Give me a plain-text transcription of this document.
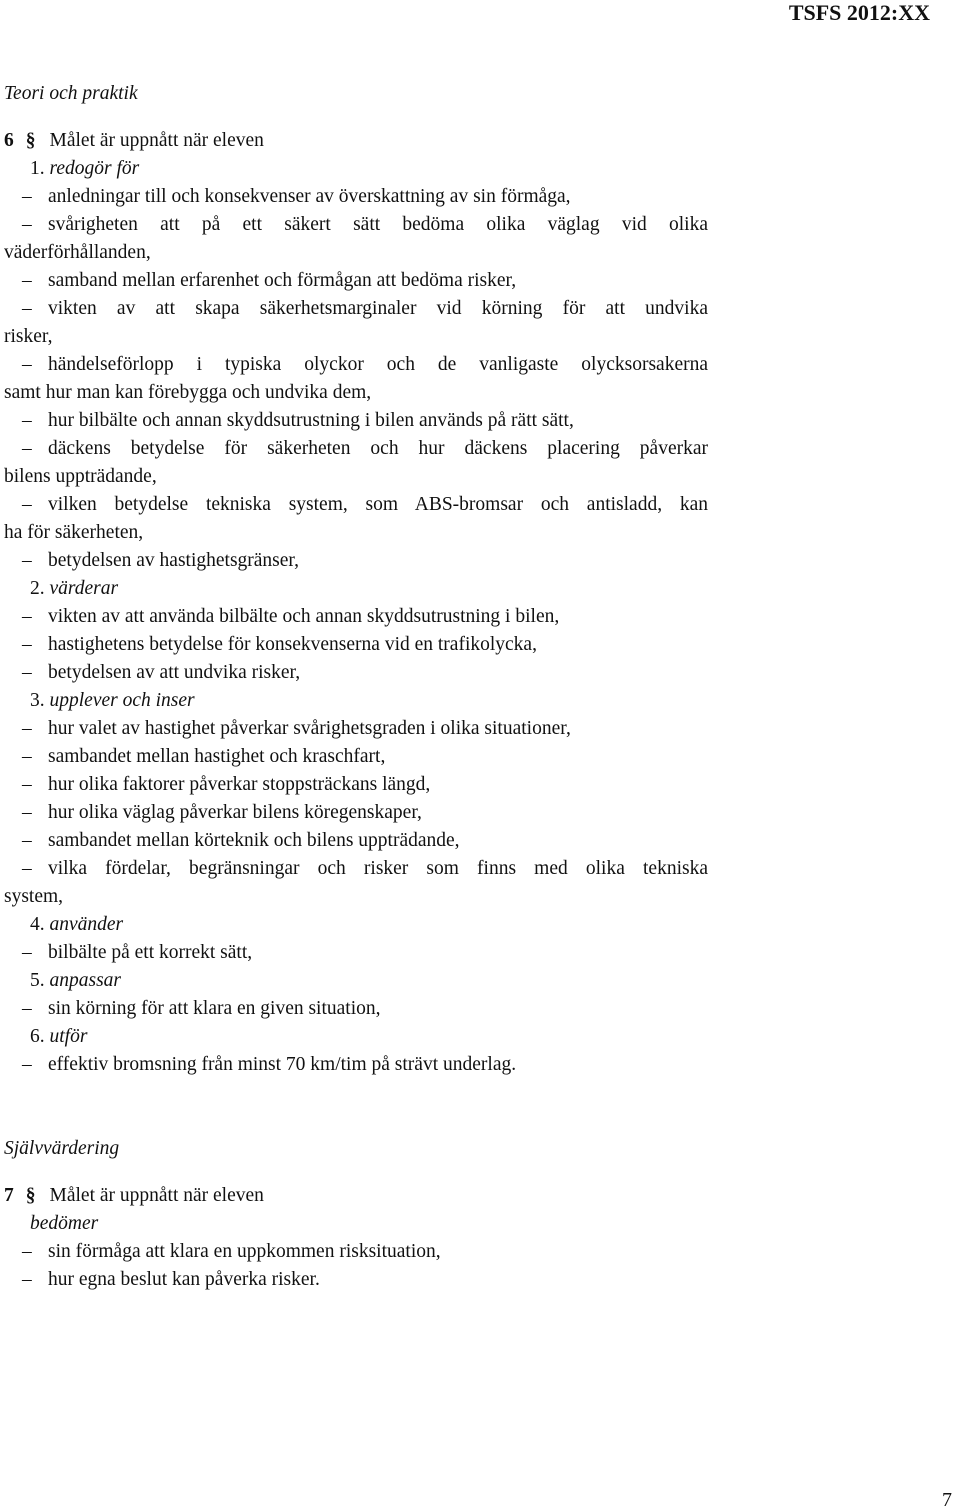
TSFS 2012:XX
Teori och praktik
6 § Målet är uppnått när eleven
1. redogör för
– anledningar till och konsekvenser av överskattning av sin förmåga,
– svårigheten att på ett säkert sätt bedöma olika väglag vid olika
väderförhållanden,
– samband mellan erfarenhet och förmågan att bedöma risker,
– vikten av att skapa säkerhetsmarginaler vid körning för att undvika
risker,
– händelseförlopp i typiska olyckor och de vanligaste olycksorsakerna
samt hur man kan förebygga och undvika dem,
– hur bilbälte och annan skyddsutrustning i bilen används på rätt sätt,
– däckens betydelse för säkerheten och hur däckens placering påverkar
bilens uppträdande,
– vilken betydelse tekniska system, som ABS-bromsar och antisladd, kan
ha för säkerheten,
– betydelsen av hastighetsgränser,
2. värderar
– vikten av att använda bilbälte och annan skyddsutrustning i bilen,
– hastighetens betydelse för konsekvenserna vid en trafikolycka,
– betydelsen av att undvika risker,
3. upplever och inser
– hur valet av hastighet påverkar svårighetsgraden i olika situationer,
– sambandet mellan hastighet och kraschfart,
– hur olika faktorer påverkar stoppsträckans längd,
– hur olika väglag påverkar bilens köregenskaper,
– sambandet mellan körteknik och bilens uppträdande,
– vilka fördelar, begränsningar och risker som finns med olika tekniska
system,
4. använder
– bilbälte på ett korrekt sätt,
5. anpassar
– sin körning för att klara en given situation,
6. utför
– effektiv bromsning från minst 70 km/tim på strävt underlag.
Självvärdering
7 § Målet är uppnått när eleven
bedömer
– sin förmåga att klara en uppkommen risksituation,
– hur egna beslut kan påverka risker.
7
